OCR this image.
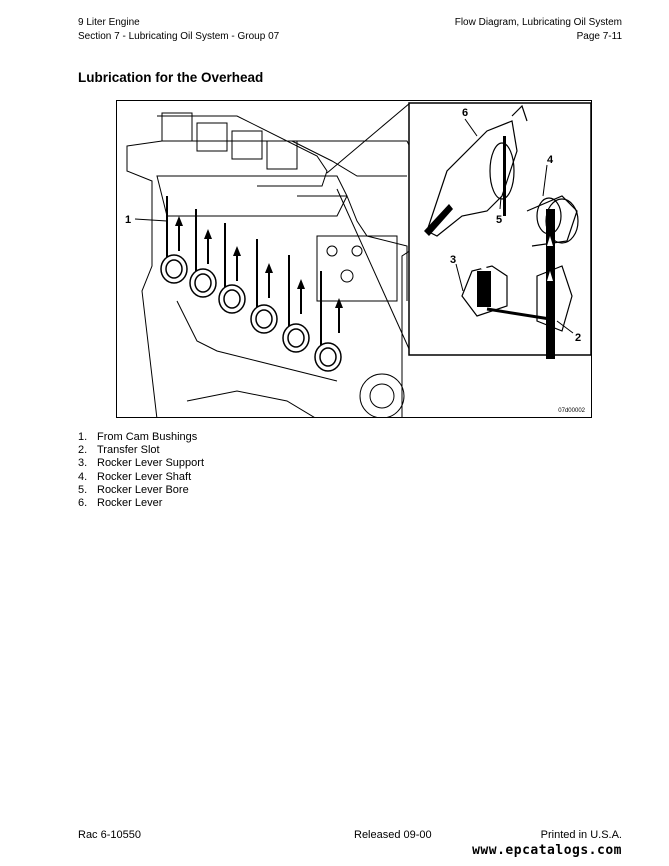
9 Liter Engine
Section 7 - Lubricating Oil System - Group 07
Flow Diagram, Lubricating Oil System
Page 7-11
Lubrication for the Overhead
1
6
4
5
3
2
07d00002
1. From Cam Bushings
2. Transfer Slot
3. Rocker Lever Support
4. Rocker Lever Shaft
5. Rocker Lever Bore
6. Rocker Lever
Rac 6-10550	Released 09-00	Printed in U.S.A.
www.epcatalogs.com
